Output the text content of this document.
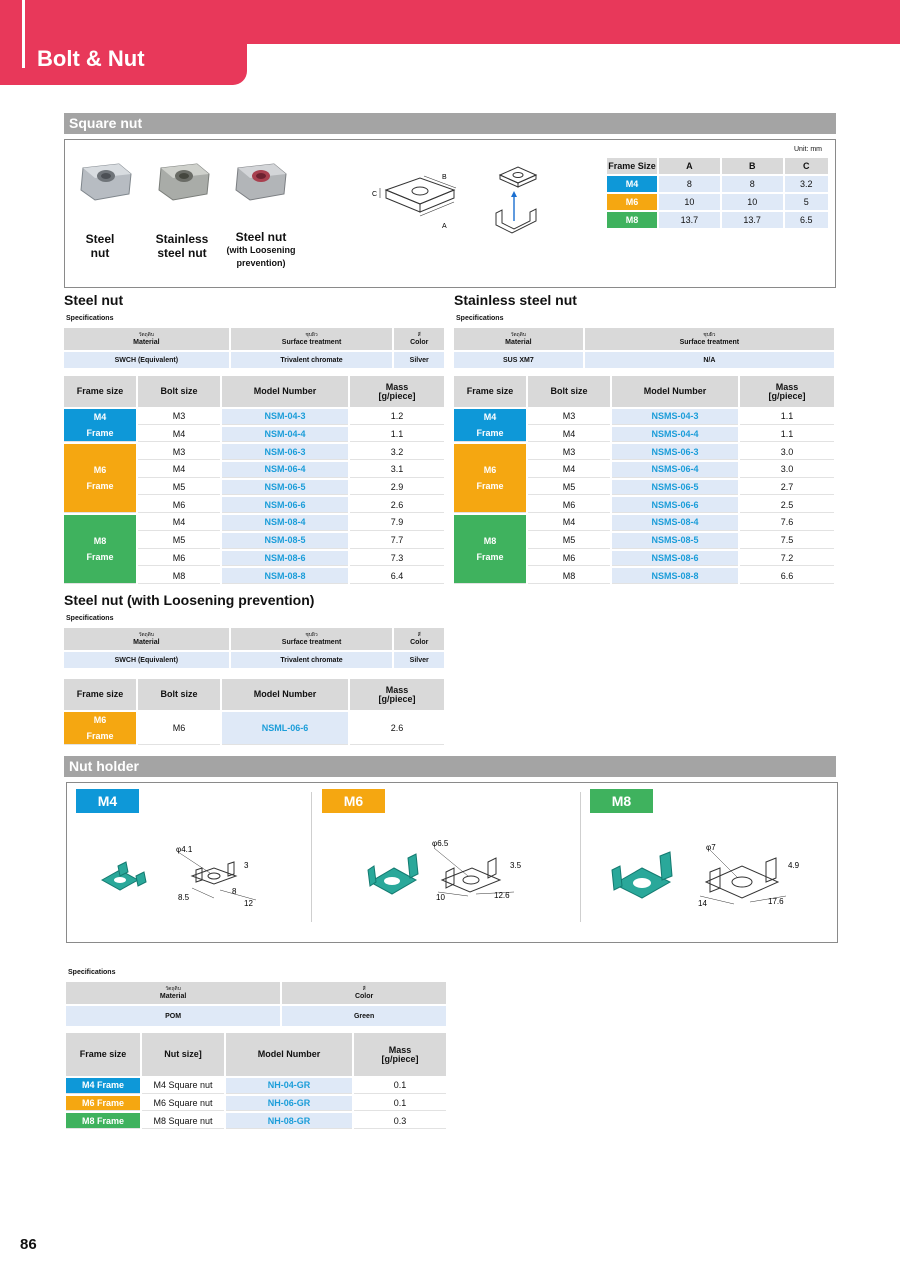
Bolt & Nut
Square nut
Steel
nut
Stainless
steel nut
Steel nut
(with Loosening
prevention)
C
B
A
Unit: mm
Frame Size	A	B	C
M4	8	8	3.2
M6	10	10	5
M8	13.7	13.7	6.5
Steel nut
Specifications
วัตถุดิบ
Material	ชุบผิว
Surface treatment	สี
Color
SWCH (Equivalent)	Trivalent chromate	Silver
Frame size	Bolt size	Model Number	Mass
[g/piece]
M4
Frame	M3	NSM-04-3	1.2
	M4	NSM-04-4	1.1
M6
Frame	M3	NSM-06-3	3.2
	M4	NSM-06-4	3.1
	M5	NSM-06-5	2.9
	M6	NSM-06-6	2.6
M8
Frame	M4	NSM-08-4	7.9
	M5	NSM-08-5	7.7
	M6	NSM-08-6	7.3
	M8	NSM-08-8	6.4
Stainless steel nut
Specifications
วัตถุดิบ
Material	ชุบผิว
Surface treatment
SUS XM7	N/A
Frame size	Bolt size	Model Number	Mass
[g/piece]
M4
Frame	M3	NSMS-04-3	1.1
	M4	NSMS-04-4	1.1
M6
Frame	M3	NSMS-06-3	3.0
	M4	NSMS-06-4	3.0
	M5	NSMS-06-5	2.7
	M6	NSMS-06-6	2.5
M8
Frame	M4	NSMS-08-4	7.6
	M5	NSMS-08-5	7.5
	M6	NSMS-08-6	7.2
	M8	NSMS-08-8	6.6
Steel nut (with Loosening prevention)
Specifications
วัตถุดิบ
Material	ชุบผิว
Surface treatment	สี
Color
SWCH (Equivalent)	Trivalent chromate	Silver
Frame size	Bolt size	Model Number	Mass
[g/piece]
M6
Frame	M6	NSML-06-6	2.6
Nut holder
M4	M6	M8
φ4.1
3
8
8.5
12
φ6.5
3.5
10	12.6
φ7
4.9
14	17.6
Specifications
วัตถุดิบ
Material	สี
Color
POM	Green
Frame size	Nut size]	Model Number	Mass
[g/piece]
M4 Frame	M4 Square nut	NH-04-GR	0.1
M6 Frame	M6 Square nut	NH-06-GR	0.1
M8 Frame	M8 Square nut	NH-08-GR	0.3
86
